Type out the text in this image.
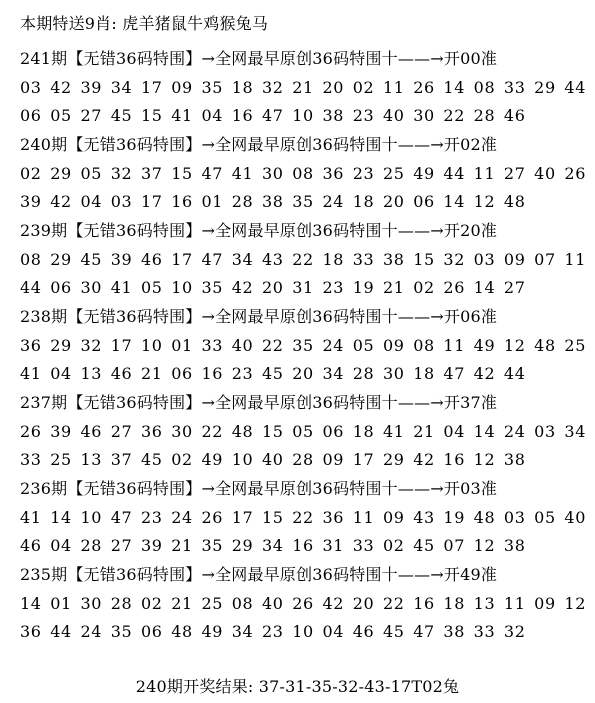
本期特送9肖: 虎羊猪鼠牛鸡猴兔马
241期【无错36码特围】→全网最早原创36码特围十——→开00准
03 42 39 34 17 09 35 18 32 21 20 02 11 26 14 08 33 29 44
06 05 27 45 15 41 04 16 47 10 38 23 40 30 22 28 46
240期【无错36码特围】→全网最早原创36码特围十——→开02准
02 29 05 32 37 15 47 41 30 08 36 23 25 49 44 11 27 40 26
39 42 04 03 17 16 01 28 38 35 24 18 20 06 14 12 48
239期【无错36码特围】→全网最早原创36码特围十——→开20准
08 29 45 39 46 17 47 34 43 22 18 33 38 15 32 03 09 07 11
44 06 30 41 05 10 35 42 20 31 23 19 21 02 26 14 27
238期【无错36码特围】→全网最早原创36码特围十——→开06准
36 29 32 17 10 01 33 40 22 35 24 05 09 08 11 49 12 48 25
41 04 13 46 21 06 16 23 45 20 34 28 30 18 47 42 44
237期【无错36码特围】→全网最早原创36码特围十——→开37准
26 39 46 27 36 30 22 48 15 05 06 18 41 21 04 14 24 03 34
33 25 13 37 45 02 49 10 40 28 09 17 29 42 16 12 38
236期【无错36码特围】→全网最早原创36码特围十——→开03准
41 14 10 47 23 24 26 17 15 22 36 11 09 43 19 48 03 05 40
46 04 28 27 39 21 35 29 34 16 31 33 02 45 07 12 38
235期【无错36码特围】→全网最早原创36码特围十——→开49准
14 01 30 28 02 21 25 08 40 26 42 20 22 16 18 13 11 09 12
36 44 24 35 06 48 49 34 23 10 04 46 45 47 38 33 32
240期开奖结果: 37-31-35-32-43-17T02兔
